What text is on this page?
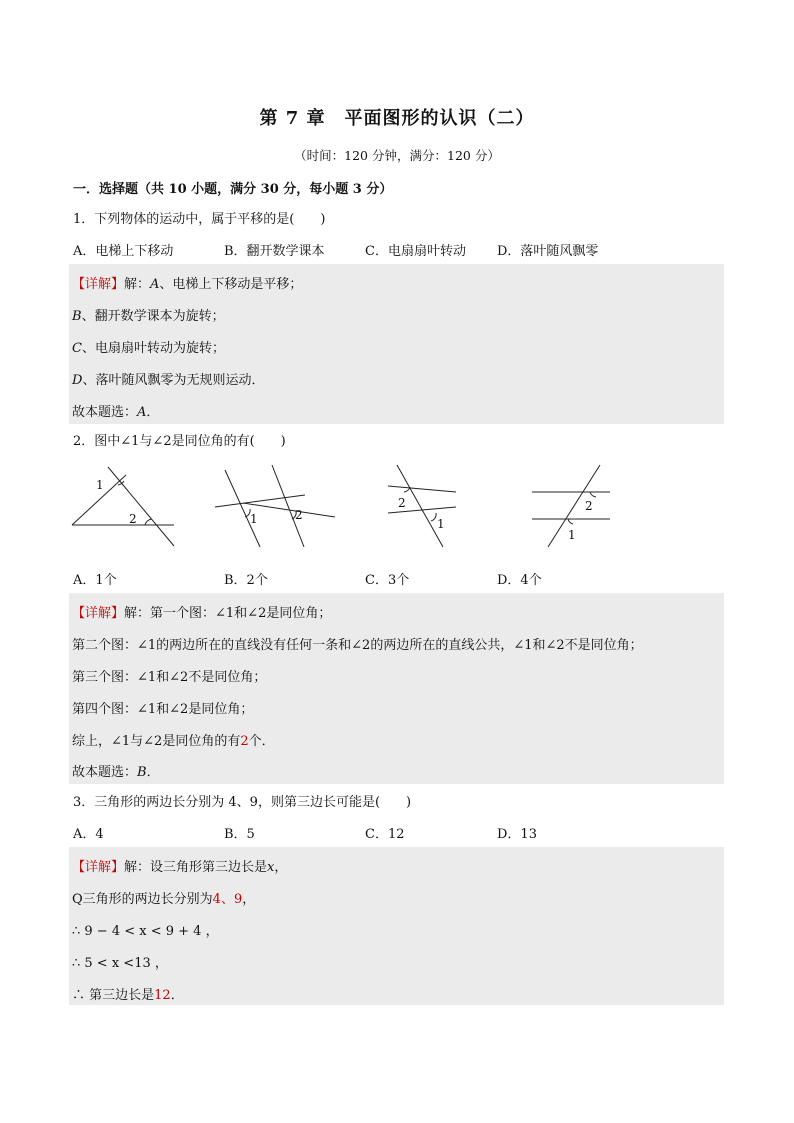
第 7 章　平面图形的认识（二）
（时间：120 分钟，满分：120 分）
一．选择题（共 10 小题，满分 30 分，每小题 3 分）
1．下列物体的运动中，属于平移的是(　　)
A．电梯上下移动	B．翻开数学课本	C．电扇扇叶转动 D．落叶随风飘零
【详解】解：A、电梯上下移动是平移；
B、翻开数学课本为旋转；
C、电扇扇叶转动为旋转；
D、落叶随风飘零为无规则运动．
故本题选：A．
2．图中∠1与∠2是同位角的有(　　)
1
2	1	2
2
1
2
1
A．1个	B．2个	C．3个	D．4个
【详解】解：第一个图：∠1和∠2是同位角；
第二个图：∠1的两边所在的直线没有任何一条和∠2的两边所在的直线公共，∠1和∠2不是同位角；
第三个图：∠1和∠2不是同位角；
第四个图：∠1和∠2是同位角；
综上，∠1与∠2是同位角的有2个．
故本题选：B．
3．三角形的两边长分别为 4、9，则第三边长可能是(　　)
A．4	B．5	C．12	D．13
【详解】解：设三角形第三边长是x，
Q三角形的两边长分别为4、9，
∴ 9 − 4 < x < 9 + 4 ，
∴ 5 < x <13 ，
∴ 第三边长是12．
